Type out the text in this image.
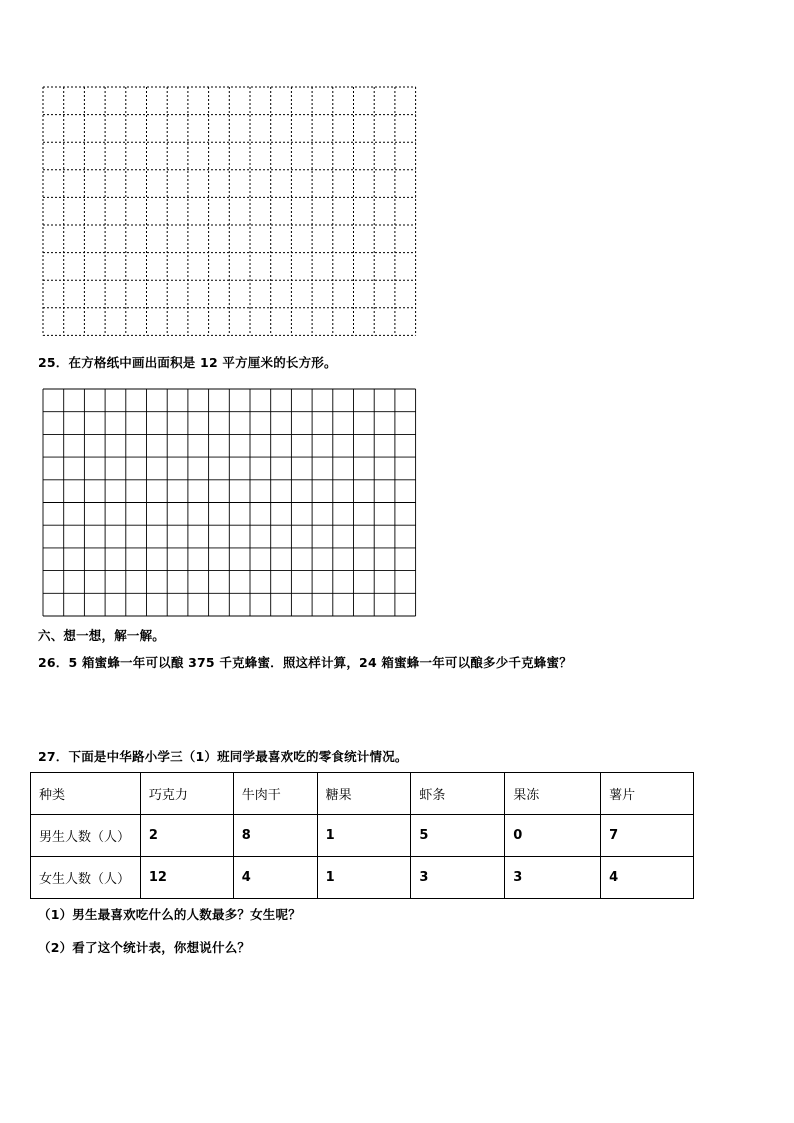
25．在方格纸中画出面积是 12 平方厘米的长方形。
六、想一想，解一解。
26．5 箱蜜蜂一年可以酿 375 千克蜂蜜．照这样计算，24 箱蜜蜂一年可以酿多少千克蜂蜜？
27．下面是中华路小学三（1）班同学最喜欢吃的零食统计情况。
种类	巧克力	牛肉干	糖果	虾条	果冻	薯片
男生人数（人）	2	8	1	5	0	7
女生人数（人）	12	4	1	3	3	4
（1）男生最喜欢吃什么的人数最多？女生呢？
（2）看了这个统计表，你想说什么？
